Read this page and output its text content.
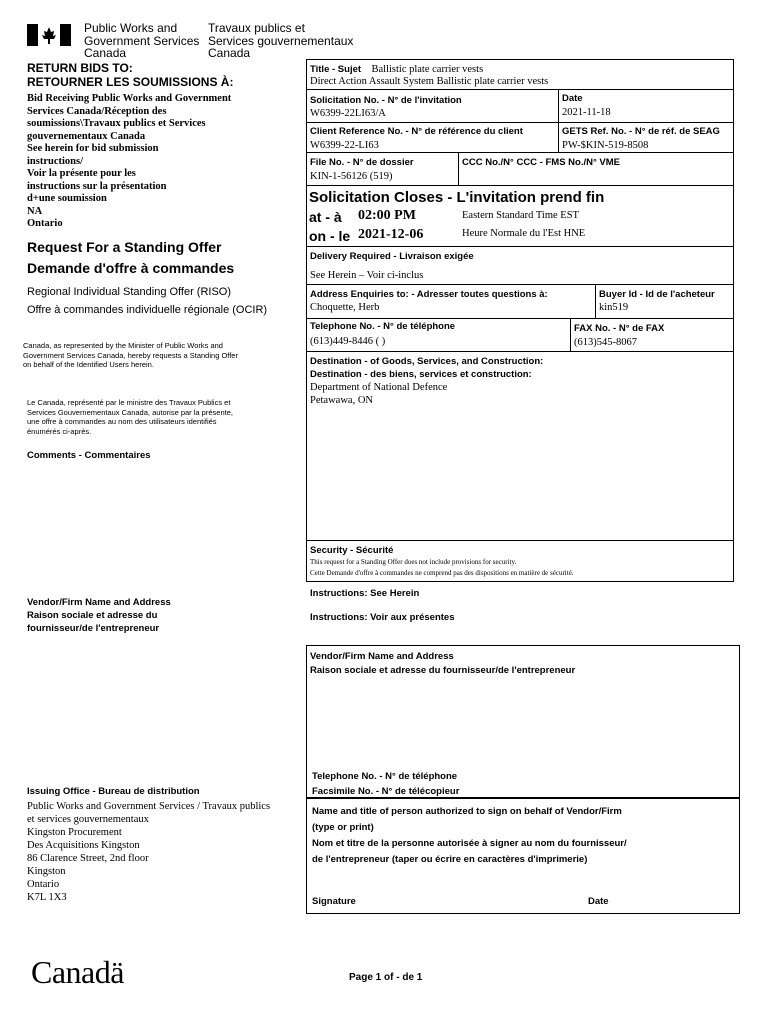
Public Works and
Government Services
Canada
Travaux publics et
Services gouvernementaux
Canada
RETURN BIDS TO:
RETOURNER LES SOUMISSIONS À:
Bid Receiving Public Works and Government
Services Canada/Réception des
soumissions\Travaux publics et Services
gouvernementaux Canada
See herein for bid submission
instructions/
Voir la présente pour les
instructions sur la présentation
d+une soumission
NA
Ontario
Request For a Standing Offer
Demande d'offre à commandes
Regional Individual Standing Offer (RISO)
Offre à commandes individuelle régionale (OCIR)
Canada, as represented by the Minister of Public Works and
Government Services Canada, hereby requests a Standing Offer
on behalf of the Identified Users herein.
Le Canada, représenté par le ministre des Travaux Publics et
Services Gouvernementaux Canada, autorise par la présente,
une offre à commandes au nom des utilisateurs identifiés
énumérés ci-après.
Comments - Commentaires
Vendor/Firm Name and Address
Raison sociale et adresse du
fournisseur/de l'entrepreneur
Issuing Office - Bureau de distribution
Public Works and Government Services / Travaux publics
et services gouvernementaux
Kingston Procurement
Des Acquisitions Kingston
86 Clarence Street, 2nd floor
Kingston
Ontario
K7L 1X3
Title - Sujet Ballistic plate carrier vests
Direct Action Assault System Ballistic plate carrier vests
Solicitation No. - N° de l'invitation
W6399-22LI63/A
Date
2021-11-18
Client Reference No. - N° de référence du client
W6399-22-LI63
GETS Ref. No. - N° de réf. de SEAG
PW-$KIN-519-8508
File No. - N° de dossier
KIN-1-56126 (519)
CCC No./N° CCC - FMS No./N° VME
Solicitation Closes - L'invitation prend fin
at - à 02:00 PM	Eastern Standard Time EST
on - le 2021-12-06	Heure Normale du l'Est HNE
Delivery Required - Livraison exigée
See Herein – Voir ci-inclus
Address Enquiries to: - Adresser toutes questions à:
Choquette, Herb
Buyer Id - Id de l'acheteur
kin519
Telephone No. - N° de téléphone
(613)449-8446 ( )
FAX No. - N° de FAX
(613)545-8067
Destination - of Goods, Services, and Construction:
Destination - des biens, services et construction:
Department of National Defence
Petawawa, ON
Security - Sécurité
This request for a Standing Offer does not include provisions for security.
Cette Demande d'offre à commandes ne comprend pas des dispositions en matière de sécurité.
Instructions: See Herein
Instructions: Voir aux présentes
Vendor/Firm Name and Address
Raison sociale et adresse du fournisseur/de l'entrepreneur
Telephone No. - N° de téléphone
Facsimile No. - N° de télécopieur
Name and title of person authorized to sign on behalf of Vendor/Firm
(type or print)
Nom et titre de la personne autorisée à signer au nom du fournisseur/
de l'entrepreneur (taper ou écrire en caractères d'imprimerie)
Signature	Date
Canadä	Page 1 of - de 1
